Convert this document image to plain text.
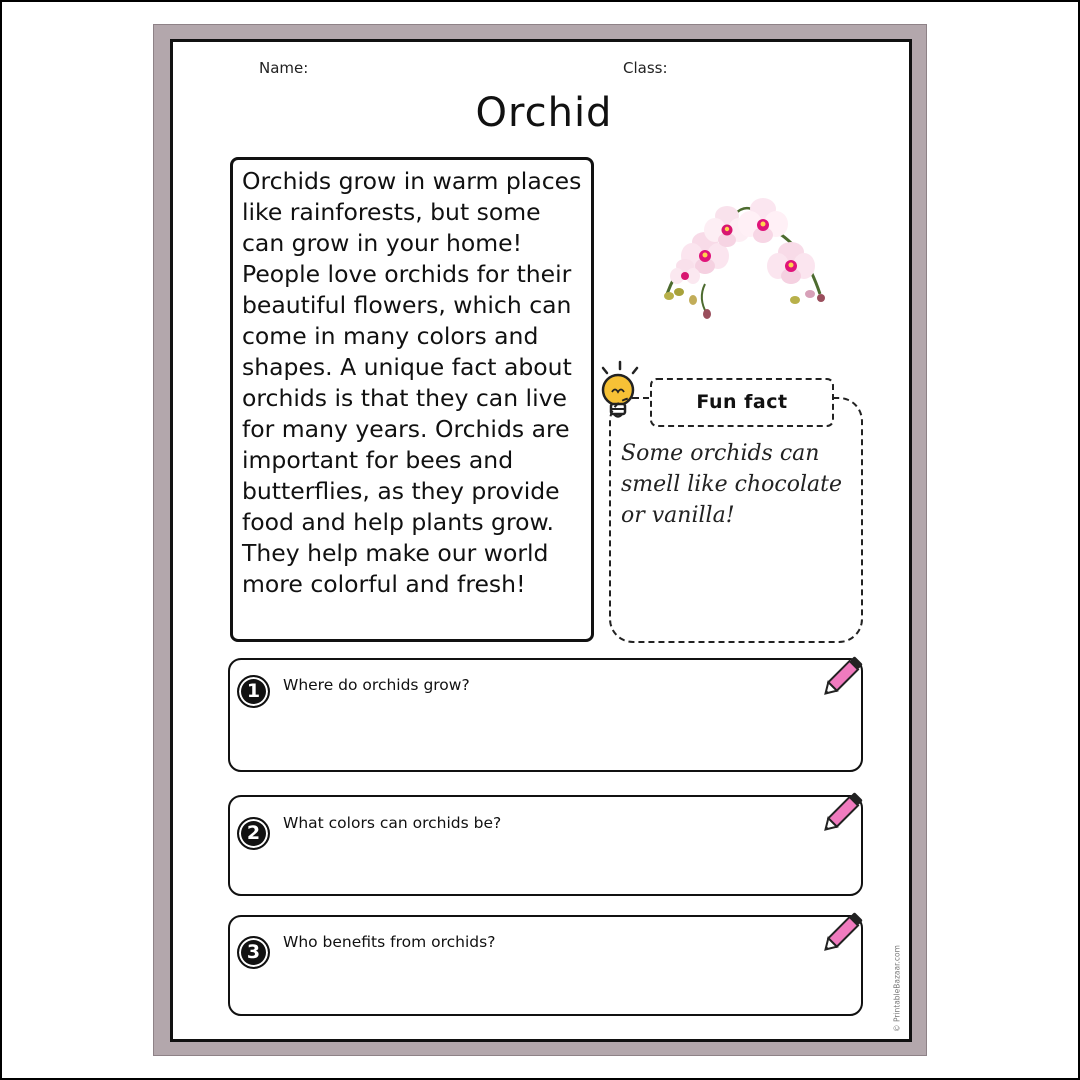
Name:	Class:
Orchid
Orchids grow in warm places like rainforests, but some can grow in your home! People love orchids for their beautiful flowers, which can come in many colors and shapes. A unique fact about orchids is that they can live for many years. Orchids are important for bees and butterflies, as they provide food and help plants grow. They help make our world more colorful and fresh!
Fun fact
Some orchids can smell like chocolate or vanilla!
1	Where do orchids grow?
2	What colors can orchids be?
3	Who benefits from orchids?
© PrintableBazaar.com
